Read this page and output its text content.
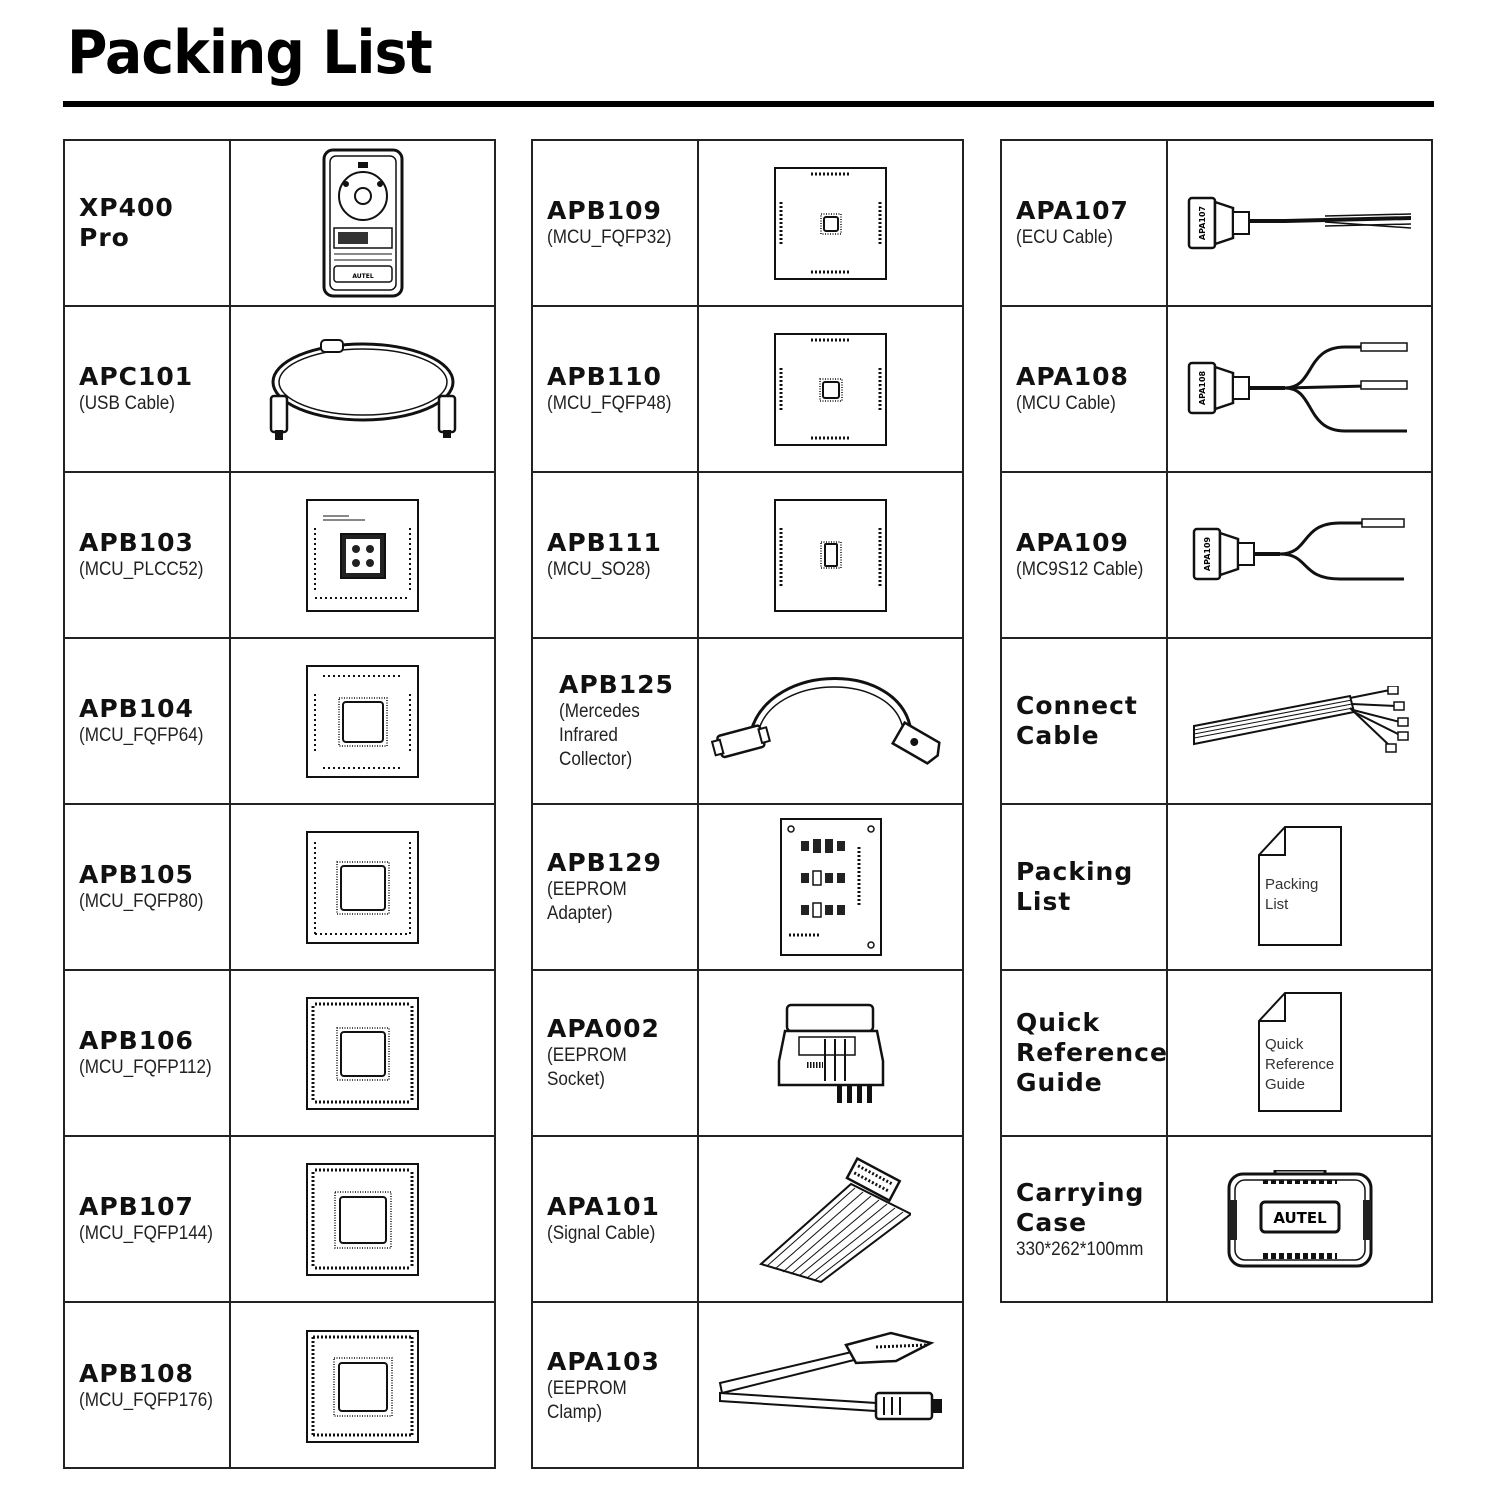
Packing List
XP400 Pro
AUTEL
APC101
(USB Cable)
APB103
(MCU_PLCC52)
APB104
(MCU_FQFP64)
APB105
(MCU_FQFP80)
APB106
(MCU_FQFP112)
APB107
(MCU_FQFP144)
APB108
(MCU_FQFP176)
APB109
(MCU_FQFP32)
APB110
(MCU_FQFP48)
APB111
(MCU_SO28)
APB125
(Mercedes
Infrared
Collector)
APB129
(EEPROM
Adapter)
APA002
(EEPROM
Socket)
APA101
(Signal Cable)
APA103
(EEPROM Clamp)
APA107
(ECU Cable)	APA107
APA108
(MCU Cable)	APA108
APA109
(MC9S12 Cable)	APA109
Connect
Cable
Packing
List
Packing List
Quick
Reference
Guide
Quick Reference Guide
Carrying
Case
330*262*100mm
AUTEL
